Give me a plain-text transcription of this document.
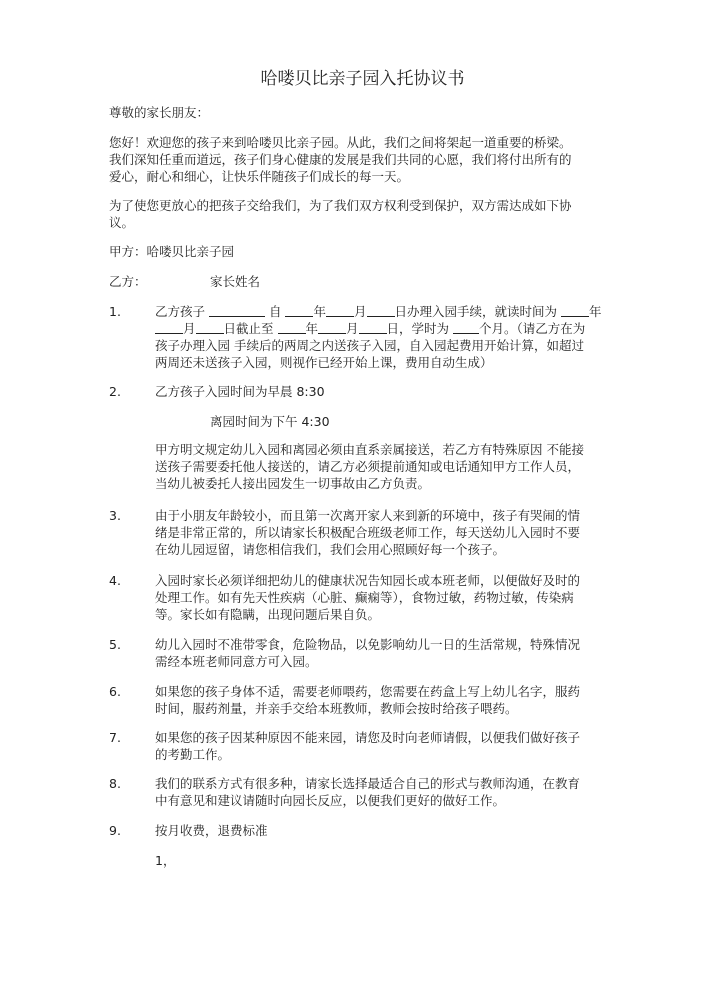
哈喽贝比亲子园入托协议书
尊敬的家长朋友：
您好！欢迎您的孩子来到哈喽贝比亲子园。从此，我们之间将架起一道重要的桥梁。
我们深知任重而道远，孩子们身心健康的发展是我们共同的心愿，我们将付出所有的
爱心，耐心和细心，让快乐伴随孩子们成长的每一天。
为了使您更放心的把孩子交给我们，为了我们双方权利受到保护，双方需达成如下协
议。
甲方：哈喽贝比亲子园
乙方：	家长姓名
1.	乙方孩子	自	年 月 日办理入园手续，就读时间为	年
月 日截止至	年 月 日，学时为 个月。（请乙方在为
孩子办理入园 手续后的两周之内送孩子入园，自入园起费用开始计算，如超过
两周还未送孩子入园，则视作已经开始上课，费用自动生成）
2.	乙方孩子入园时间为早晨 8:30
离园时间为下午 4:30
甲方明文规定幼儿入园和离园必须由直系亲属接送，若乙方有特殊原因 不能接
送孩子需要委托他人接送的，请乙方必须提前通知或电话通知甲方工作人员，
当幼儿被委托人接出园发生一切事故由乙方负责。
3.	由于小朋友年龄较小，而且第一次离开家人来到新的环境中，孩子有哭闹的情
绪是非常正常的，所以请家长积极配合班级老师工作，每天送幼儿入园时不要
在幼儿园逗留，请您相信我们，我们会用心照顾好每一个孩子。
4.	入园时家长必须详细把幼儿的健康状况告知园长或本班老师，以便做好及时的
处理工作。如有先天性疾病（心脏、癫痫等），食物过敏，药物过敏，传染病
等。家长如有隐瞒，出现问题后果自负。
5.	幼儿入园时不准带零食，危险物品，以免影响幼儿一日的生活常规，特殊情况
需经本班老师同意方可入园。
6.	如果您的孩子身体不适，需要老师喂药，您需要在药盒上写上幼儿名字，服药
时间，服药剂量，并亲手交给本班教师，教师会按时给孩子喂药。
7.	如果您的孩子因某种原因不能来园，请您及时向老师请假，以便我们做好孩子
的考勤工作。
8.	我们的联系方式有很多种，请家长选择最适合自己的形式与教师沟通，在教育
中有意见和建议请随时向园长反应，以便我们更好的做好工作。
9.	按月收费，退费标准
1，
